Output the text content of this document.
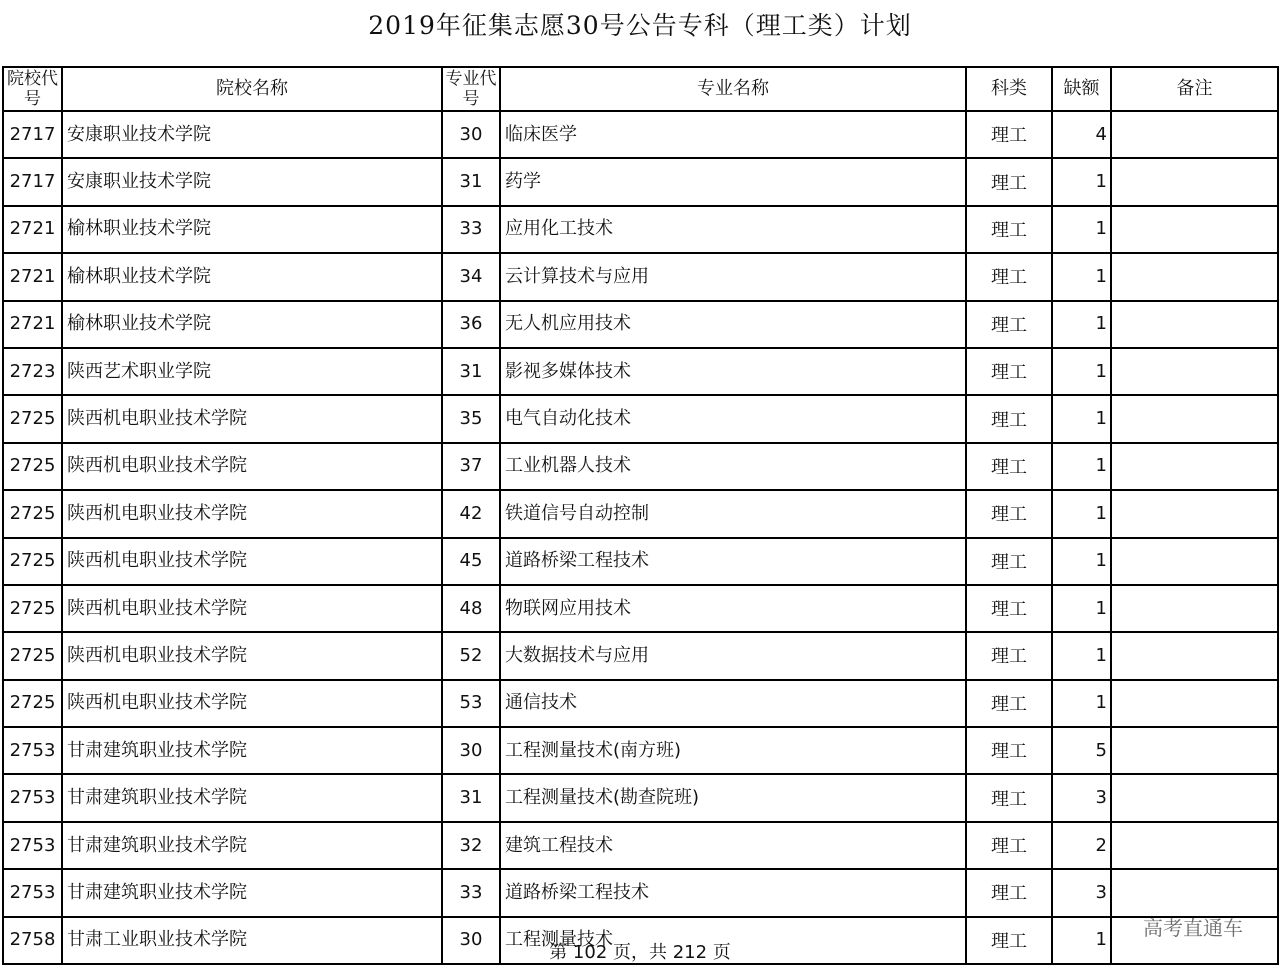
2019年征集志愿30号公告专科（理工类）计划
院校代号	院校名称	专业代号	专业名称	科类	缺额	备注
2717	安康职业技术学院	30	临床医学	理工	4	
2717	安康职业技术学院	31	药学	理工	1	
2721	榆林职业技术学院	33	应用化工技术	理工	1	
2721	榆林职业技术学院	34	云计算技术与应用	理工	1	
2721	榆林职业技术学院	36	无人机应用技术	理工	1	
2723	陕西艺术职业学院	31	影视多媒体技术	理工	1	
2725	陕西机电职业技术学院	35	电气自动化技术	理工	1	
2725	陕西机电职业技术学院	37	工业机器人技术	理工	1	
2725	陕西机电职业技术学院	42	铁道信号自动控制	理工	1	
2725	陕西机电职业技术学院	45	道路桥梁工程技术	理工	1	
2725	陕西机电职业技术学院	48	物联网应用技术	理工	1	
2725	陕西机电职业技术学院	52	大数据技术与应用	理工	1	
2725	陕西机电职业技术学院	53	通信技术	理工	1	
2753	甘肃建筑职业技术学院	30	工程测量技术(南方班)	理工	5	
2753	甘肃建筑职业技术学院	31	工程测量技术(勘查院班)	理工	3	
2753	甘肃建筑职业技术学院	32	建筑工程技术	理工	2	
2753	甘肃建筑职业技术学院	33	道路桥梁工程技术	理工	3	
2758	甘肃工业职业技术学院	30	工程测量技术	理工	1	高考直通车
第 102 页，共 212 页
